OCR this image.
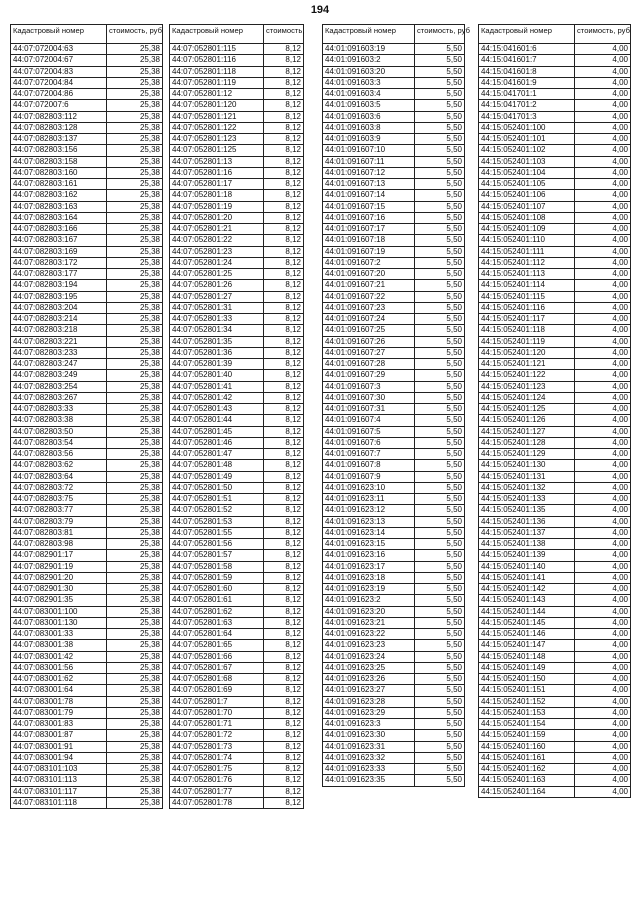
194
Кадастровый номер	стоимость, руб
44:07:072004:63	25,38
44:07:072004:67	25,38
44:07:072004:83	25,38
44:07:072004:84	25,38
44:07:072004:86	25,38
44:07:072007:6	25,38
44:07:082803:112	25,38
44:07:082803:128	25,38
44:07:082803:137	25,38
44:07:082803:156	25,38
44:07:082803:158	25,38
44:07:082803:160	25,38
44:07:082803:161	25,38
44:07:082803:162	25,38
44:07:082803:163	25,38
44:07:082803:164	25,38
44:07:082803:166	25,38
44:07:082803:167	25,38
44:07:082803:169	25,38
44:07:082803:172	25,38
44:07:082803:177	25,38
44:07:082803:194	25,38
44:07:082803:195	25,38
44:07:082803:204	25,38
44:07:082803:214	25,38
44:07:082803:218	25,38
44:07:082803:221	25,38
44:07:082803:233	25,38
44:07:082803:247	25,38
44:07:082803:249	25,38
44:07:082803:254	25,38
44:07:082803:267	25,38
44:07:082803:33	25,38
44:07:082803:38	25,38
44:07:082803:50	25,38
44:07:082803:54	25,38
44:07:082803:56	25,38
44:07:082803:62	25,38
44:07:082803:64	25,38
44:07:082803:72	25,38
44:07:082803:75	25,38
44:07:082803:77	25,38
44:07:082803:79	25,38
44:07:082803:81	25,38
44:07:082803:98	25,38
44:07:082901:17	25,38
44:07:082901:19	25,38
44:07:082901:20	25,38
44:07:082901:30	25,38
44:07:082901:35	25,38
44:07:083001:100	25,38
44:07:083001:130	25,38
44:07:083001:33	25,38
44:07:083001:38	25,38
44:07:083001:42	25,38
44:07:083001:56	25,38
44:07:083001:62	25,38
44:07:083001:64	25,38
44:07:083001:78	25,38
44:07:083001:79	25,38
44:07:083001:83	25,38
44:07:083001:87	25,38
44:07:083001:91	25,38
44:07:083001:94	25,38
44:07:083101:103	25,38
44:07:083101:113	25,38
44:07:083101:117	25,38
44:07:083101:118	25,38
Кадастровый номер	стоимость,
44:07:052801:115	8,12
44:07:052801:116	8,12
44:07:052801:118	8,12
44:07:052801:119	8,12
44:07:052801:12	8,12
44:07:052801:120	8,12
44:07:052801:121	8,12
44:07:052801:122	8,12
44:07:052801:123	8,12
44:07:052801:125	8,12
44:07:052801:13	8,12
44:07:052801:16	8,12
44:07:052801:17	8,12
44:07:052801:18	8,12
44:07:052801:19	8,12
44:07:052801:20	8,12
44:07:052801:21	8,12
44:07:052801:22	8,12
44:07:052801:23	8,12
44:07:052801:24	8,12
44:07:052801:25	8,12
44:07:052801:26	8,12
44:07:052801:27	8,12
44:07:052801:31	8,12
44:07:052801:33	8,12
44:07:052801:34	8,12
44:07:052801:35	8,12
44:07:052801:36	8,12
44:07:052801:39	8,12
44:07:052801:40	8,12
44:07:052801:41	8,12
44:07:052801:42	8,12
44:07:052801:43	8,12
44:07:052801:44	8,12
44:07:052801:45	8,12
44:07:052801:46	8,12
44:07:052801:47	8,12
44:07:052801:48	8,12
44:07:052801:49	8,12
44:07:052801:50	8,12
44:07:052801:51	8,12
44:07:052801:52	8,12
44:07:052801:53	8,12
44:07:052801:55	8,12
44:07:052801:56	8,12
44:07:052801:57	8,12
44:07:052801:58	8,12
44:07:052801:59	8,12
44:07:052801:60	8,12
44:07:052801:61	8,12
44:07:052801:62	8,12
44:07:052801:63	8,12
44:07:052801:64	8,12
44:07:052801:65	8,12
44:07:052801:66	8,12
44:07:052801:67	8,12
44:07:052801:68	8,12
44:07:052801:69	8,12
44:07:052801:7	8,12
44:07:052801:70	8,12
44:07:052801:71	8,12
44:07:052801:72	8,12
44:07:052801:73	8,12
44:07:052801:74	8,12
44:07:052801:75	8,12
44:07:052801:76	8,12
44:07:052801:77	8,12
44:07:052801:78	8,12
Кадастровый номер	стоимость, руб
44:01:091603:19	5,50
44:01:091603:2	5,50
44:01:091603:20	5,50
44:01:091603:3	5,50
44:01:091603:4	5,50
44:01:091603:5	5,50
44:01:091603:6	5,50
44:01:091603:8	5,50
44:01:091603:9	5,50
44:01:091607:10	5,50
44:01:091607:11	5,50
44:01:091607:12	5,50
44:01:091607:13	5,50
44:01:091607:14	5,50
44:01:091607:15	5,50
44:01:091607:16	5,50
44:01:091607:17	5,50
44:01:091607:18	5,50
44:01:091607:19	5,50
44:01:091607:2	5,50
44:01:091607:20	5,50
44:01:091607:21	5,50
44:01:091607:22	5,50
44:01:091607:23	5,50
44:01:091607:24	5,50
44:01:091607:25	5,50
44:01:091607:26	5,50
44:01:091607:27	5,50
44:01:091607:28	5,50
44:01:091607:29	5,50
44:01:091607:3	5,50
44:01:091607:30	5,50
44:01:091607:31	5,50
44:01:091607:4	5,50
44:01:091607:5	5,50
44:01:091607:6	5,50
44:01:091607:7	5,50
44:01:091607:8	5,50
44:01:091607:9	5,50
44:01:091623:10	5,50
44:01:091623:11	5,50
44:01:091623:12	5,50
44:01:091623:13	5,50
44:01:091623:14	5,50
44:01:091623:15	5,50
44:01:091623:16	5,50
44:01:091623:17	5,50
44:01:091623:18	5,50
44:01:091623:19	5,50
44:01:091623:2	5,50
44:01:091623:20	5,50
44:01:091623:21	5,50
44:01:091623:22	5,50
44:01:091623:23	5,50
44:01:091623:24	5,50
44:01:091623:25	5,50
44:01:091623:26	5,50
44:01:091623:27	5,50
44:01:091623:28	5,50
44:01:091623:29	5,50
44:01:091623:3	5,50
44:01:091623:30	5,50
44:01:091623:31	5,50
44:01:091623:32	5,50
44:01:091623:33	5,50
44:01:091623:35	5,50
Кадастровый номер	стоимость, руб
44:15:041601:6	4,00
44:15:041601:7	4,00
44:15:041601:8	4,00
44:15:041601:9	4,00
44:15:041701:1	4,00
44:15:041701:2	4,00
44:15:041701:3	4,00
44:15:052401:100	4,00
44:15:052401:101	4,00
44:15:052401:102	4,00
44:15:052401:103	4,00
44:15:052401:104	4,00
44:15:052401:105	4,00
44:15:052401:106	4,00
44:15:052401:107	4,00
44:15:052401:108	4,00
44:15:052401:109	4,00
44:15:052401:110	4,00
44:15:052401:111	4,00
44:15:052401:112	4,00
44:15:052401:113	4,00
44:15:052401:114	4,00
44:15:052401:115	4,00
44:15:052401:116	4,00
44:15:052401:117	4,00
44:15:052401:118	4,00
44:15:052401:119	4,00
44:15:052401:120	4,00
44:15:052401:121	4,00
44:15:052401:122	4,00
44:15:052401:123	4,00
44:15:052401:124	4,00
44:15:052401:125	4,00
44:15:052401:126	4,00
44:15:052401:127	4,00
44:15:052401:128	4,00
44:15:052401:129	4,00
44:15:052401:130	4,00
44:15:052401:131	4,00
44:15:052401:132	4,00
44:15:052401:133	4,00
44:15:052401:135	4,00
44:15:052401:136	4,00
44:15:052401:137	4,00
44:15:052401:138	4,00
44:15:052401:139	4,00
44:15:052401:140	4,00
44:15:052401:141	4,00
44:15:052401:142	4,00
44:15:052401:143	4,00
44:15:052401:144	4,00
44:15:052401:145	4,00
44:15:052401:146	4,00
44:15:052401:147	4,00
44:15:052401:148	4,00
44:15:052401:149	4,00
44:15:052401:150	4,00
44:15:052401:151	4,00
44:15:052401:152	4,00
44:15:052401:153	4,00
44:15:052401:154	4,00
44:15:052401:159	4,00
44:15:052401:160	4,00
44:15:052401:161	4,00
44:15:052401:162	4,00
44:15:052401:163	4,00
44:15:052401:164	4,00
